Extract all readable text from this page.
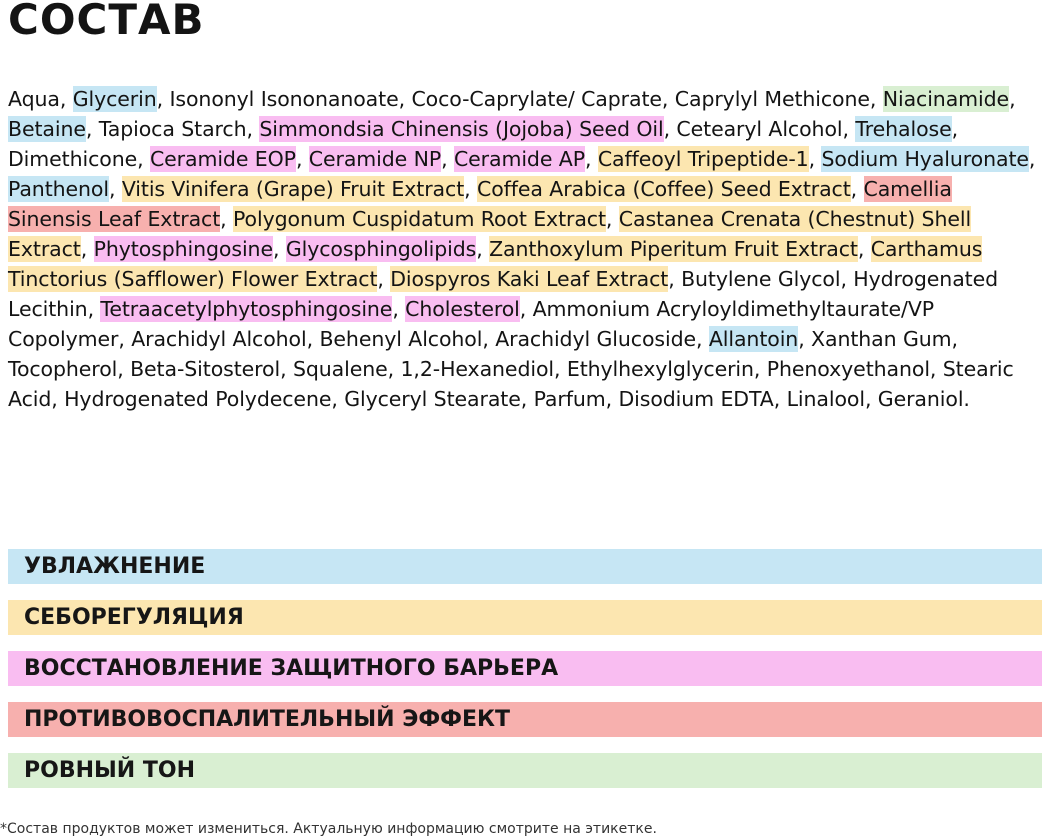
СОСТАВ

Aqua, Glycerin, Isononyl Isononanoate, Coco-Caprylate/ Caprate, Caprylyl Methicone, Niacinamide, Betaine, Tapioca Starch, Simmondsia Chinensis (Jojoba) Seed Oil, Cetearyl Alcohol, Trehalose, Dimethicone, Ceramide EOP, Ceramide NP, Ceramide AP, Caffeoyl Tripeptide-1, Sodium Hyaluronate, Panthenol, Vitis Vinifera (Grape) Fruit Extract, Coffea Arabica (Coffee) Seed Extract, Camellia Sinensis Leaf Extract, Polygonum Cuspidatum Root Extract, Castanea Crenata (Chestnut) Shell Extract, Phytosphingosine, Glycosphingolipids, Zanthoxylum Piperitum Fruit Extract, Carthamus Tinctorius (Safflower) Flower Extract, Diospyros Kaki Leaf Extract, Butylene Glycol, Hydrogenated Lecithin, Tetraacetylphytosphingosine, Cholesterol, Ammonium Acryloyldimethyltaurate/VP Copolymer, Arachidyl Alcohol, Behenyl Alcohol, Arachidyl Glucoside, Allantoin, Xanthan Gum, Tocopherol, Beta-Sitosterol, Squalene, 1,2-Hexanediol, Ethylhexylglycerin, Phenoxyethanol, Stearic Acid, Hydrogenated Polydecene, Glyceryl Stearate, Parfum, Disodium EDTA, Linalool, Geraniol.

УВЛАЖНЕНИЕ
СЕБОРЕГУЛЯЦИЯ
ВОССТАНОВЛЕНИЕ ЗАЩИТНОГО БАРЬЕРА
ПРОТИВОВОСПАЛИТЕЛЬНЫЙ ЭФФЕКТ
РОВНЫЙ ТОН

*Состав продуктов может измениться. Актуальную информацию смотрите на этикетке.
